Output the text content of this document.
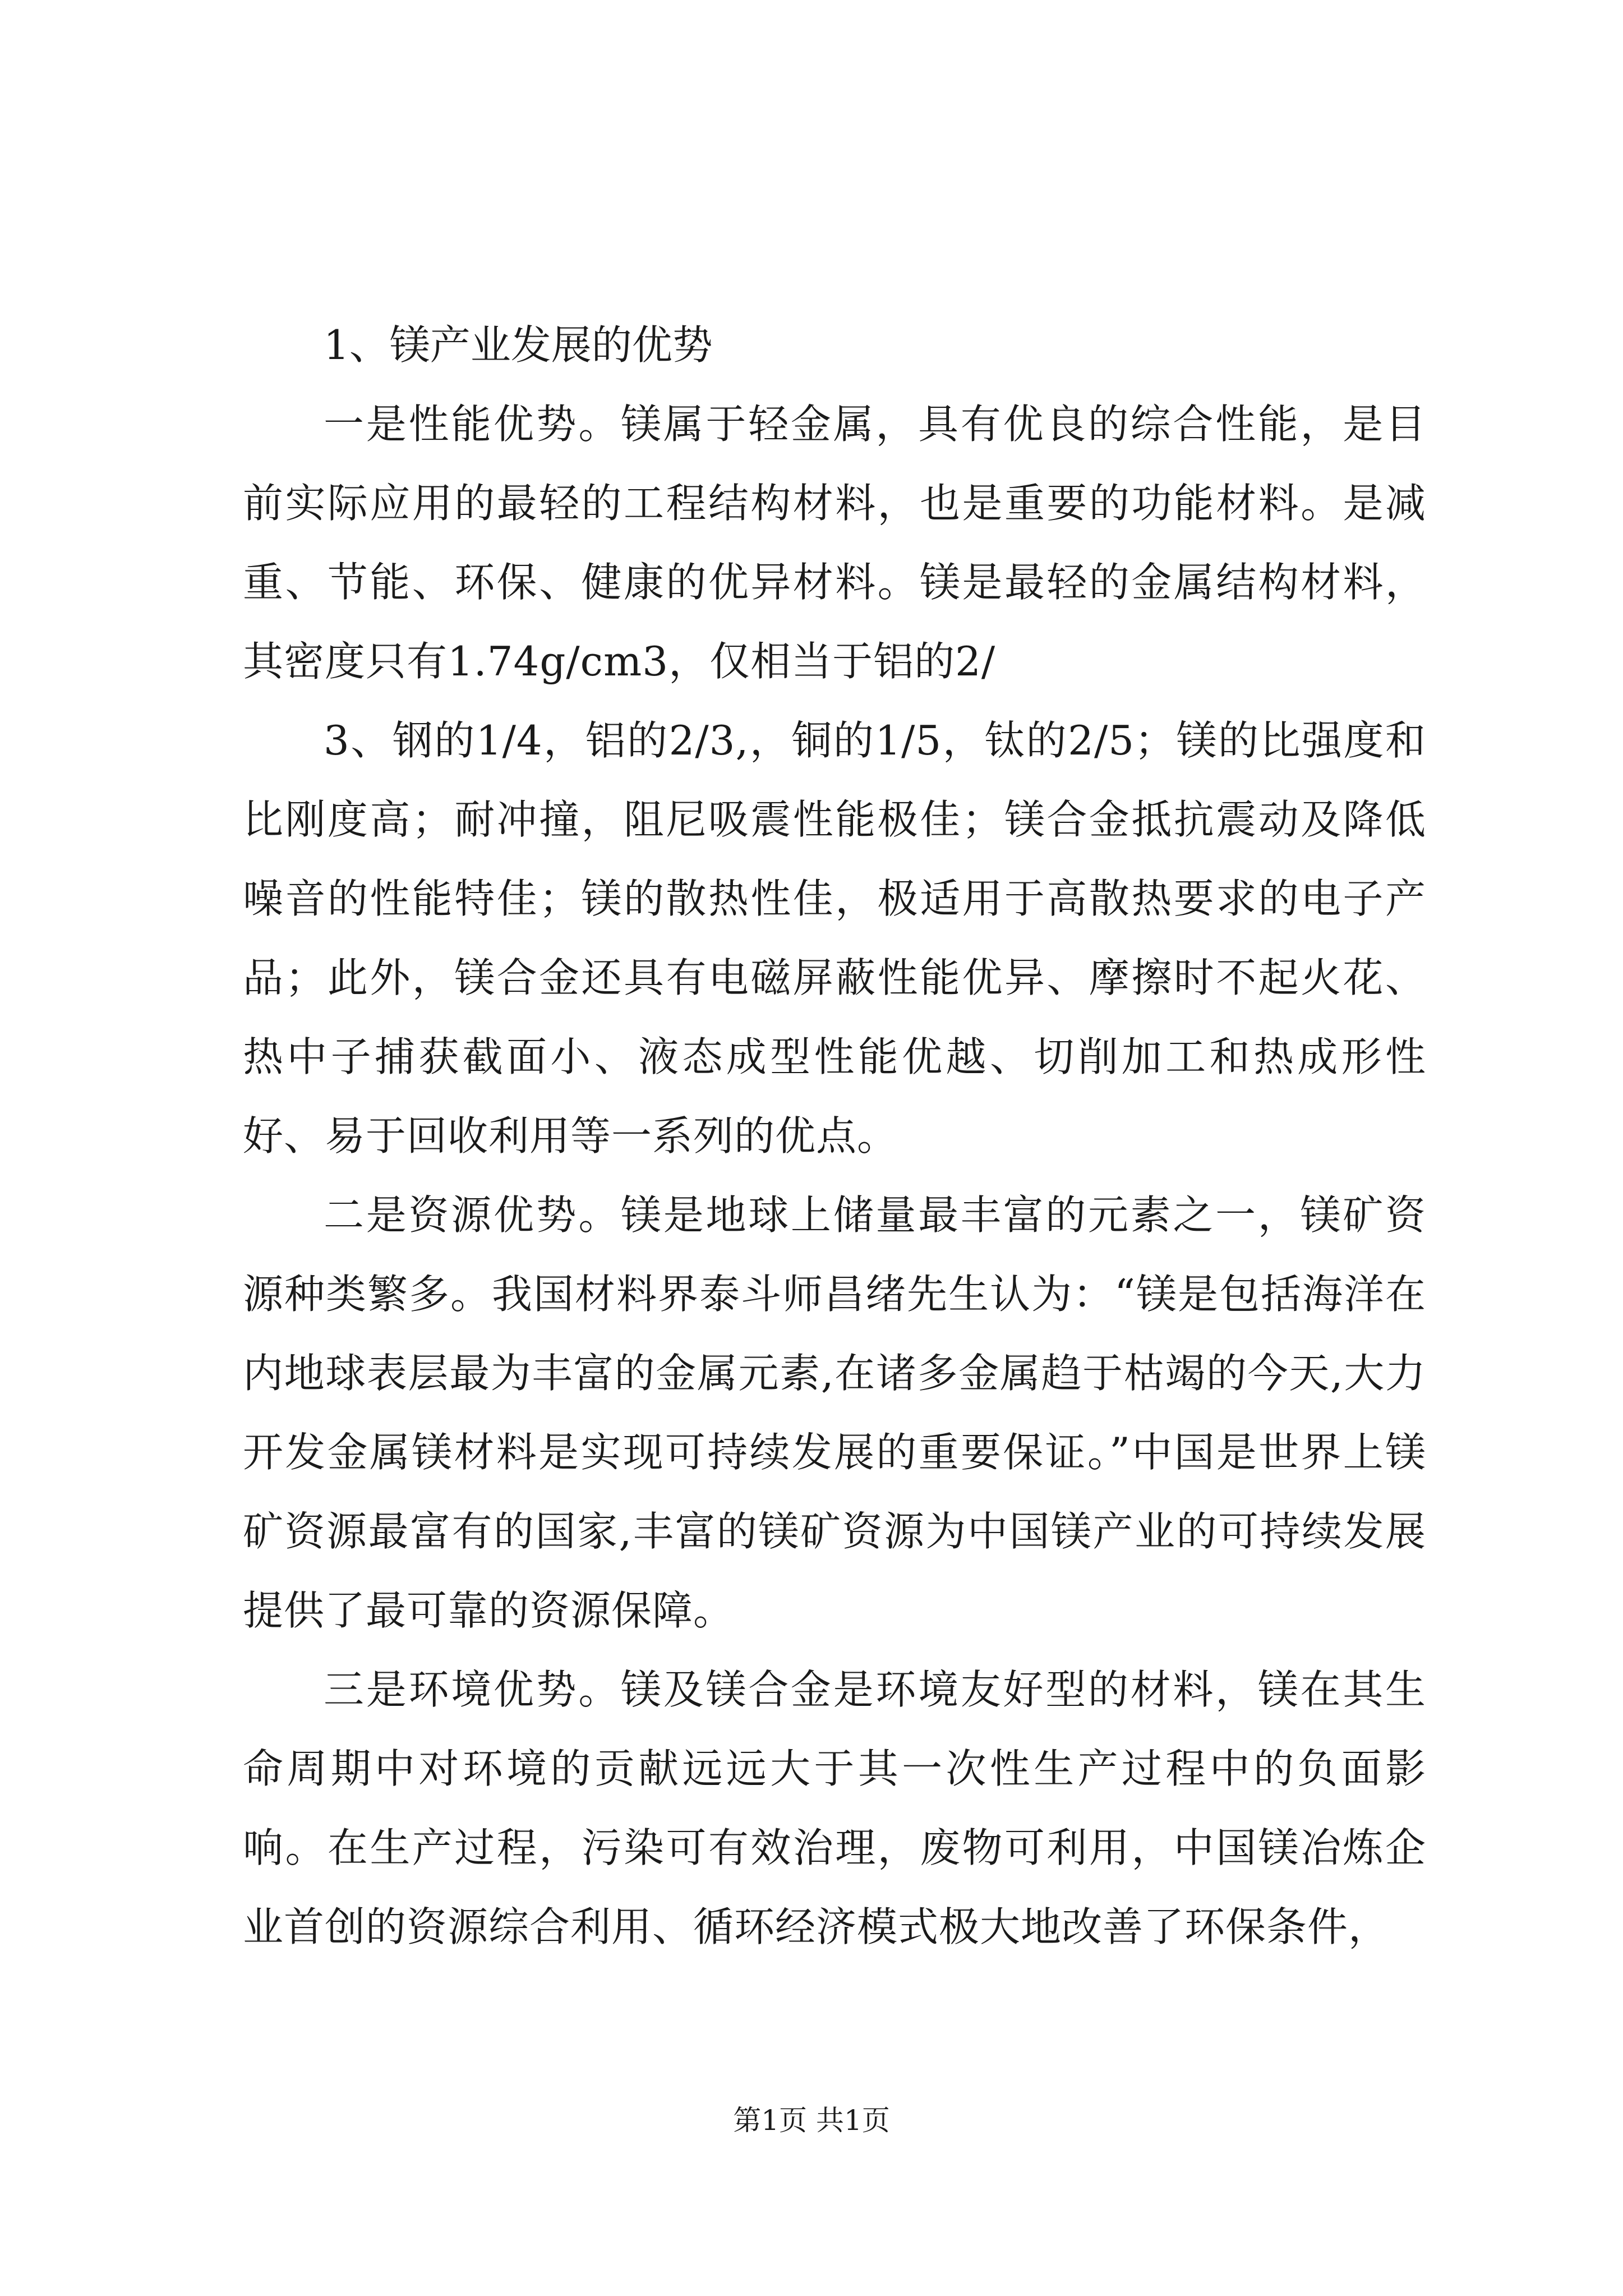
1、镁产业发展的优势

一是性能优势。镁属于轻金属，具有优良的综合性能，是目前实际应用的最轻的工程结构材料，也是重要的功能材料。是减重、节能、环保、健康的优异材料。镁是最轻的金属结构材料，其密度只有1.74g/cm3，仅相当于铝的2/

3、钢的1/4，铝的2/3,，铜的1/5，钛的2/5；镁的比强度和比刚度高；耐冲撞，阻尼吸震性能极佳；镁合金抵抗震动及降低噪音的性能特佳；镁的散热性佳，极适用于高散热要求的电子产品；此外，镁合金还具有电磁屏蔽性能优异、摩擦时不起火花、热中子捕获截面小、液态成型性能优越、切削加工和热成形性好、易于回收利用等一系列的优点。

二是资源优势。镁是地球上储量最丰富的元素之一，镁矿资源种类繁多。我国材料界泰斗师昌绪先生认为：“镁是包括海洋在内地球表层最为丰富的金属元素,在诸多金属趋于枯竭的今天,大力开发金属镁材料是实现可持续发展的重要保证。”中国是世界上镁矿资源最富有的国家,丰富的镁矿资源为中国镁产业的可持续发展提供了最可靠的资源保障。

三是环境优势。镁及镁合金是环境友好型的材料，镁在其生命周期中对环境的贡献远远大于其一次性生产过程中的负面影响。在生产过程，污染可有效治理，废物可利用，中国镁冶炼企业首创的资源综合利用、循环经济模式极大地改善了环保条件，

第1页 共1页
